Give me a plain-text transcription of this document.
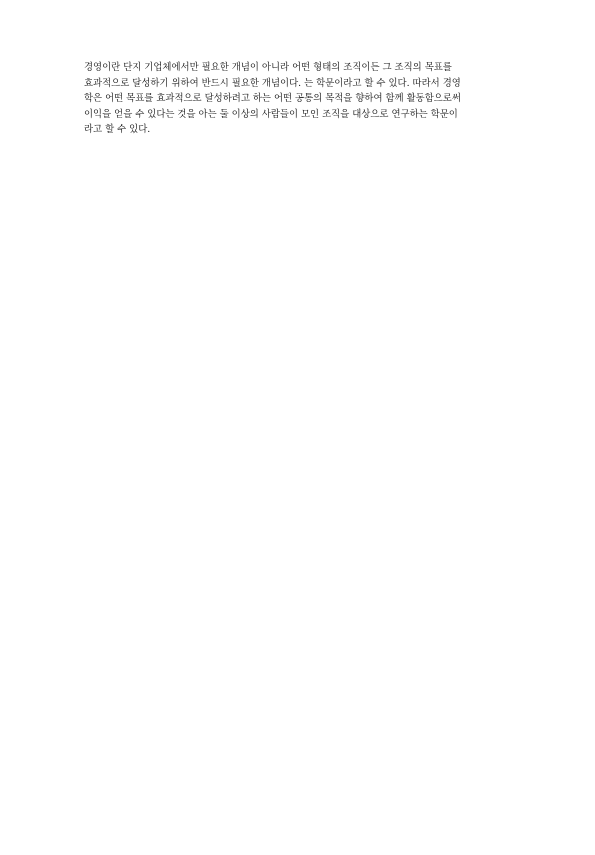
경영이란 단지 기업체에서만 필요한 개념이 아니라 어떤 형태의 조직이든 그 조직의 목표를
효과적으로 달성하기 위하여 반드시 필요한 개념이다. 는 학문이라고 할 수 있다. 따라서 경영
학은 어떤 목표를 효과적으로 달성하려고 하는 어떤 공통의 목적을 향하여 함께 활동함으로써
이익을 얻을 수 있다는 것을 아는 둘 이상의 사람들이 모인 조직을 대상으로 연구하는 학문이
라고 할 수 있다.
